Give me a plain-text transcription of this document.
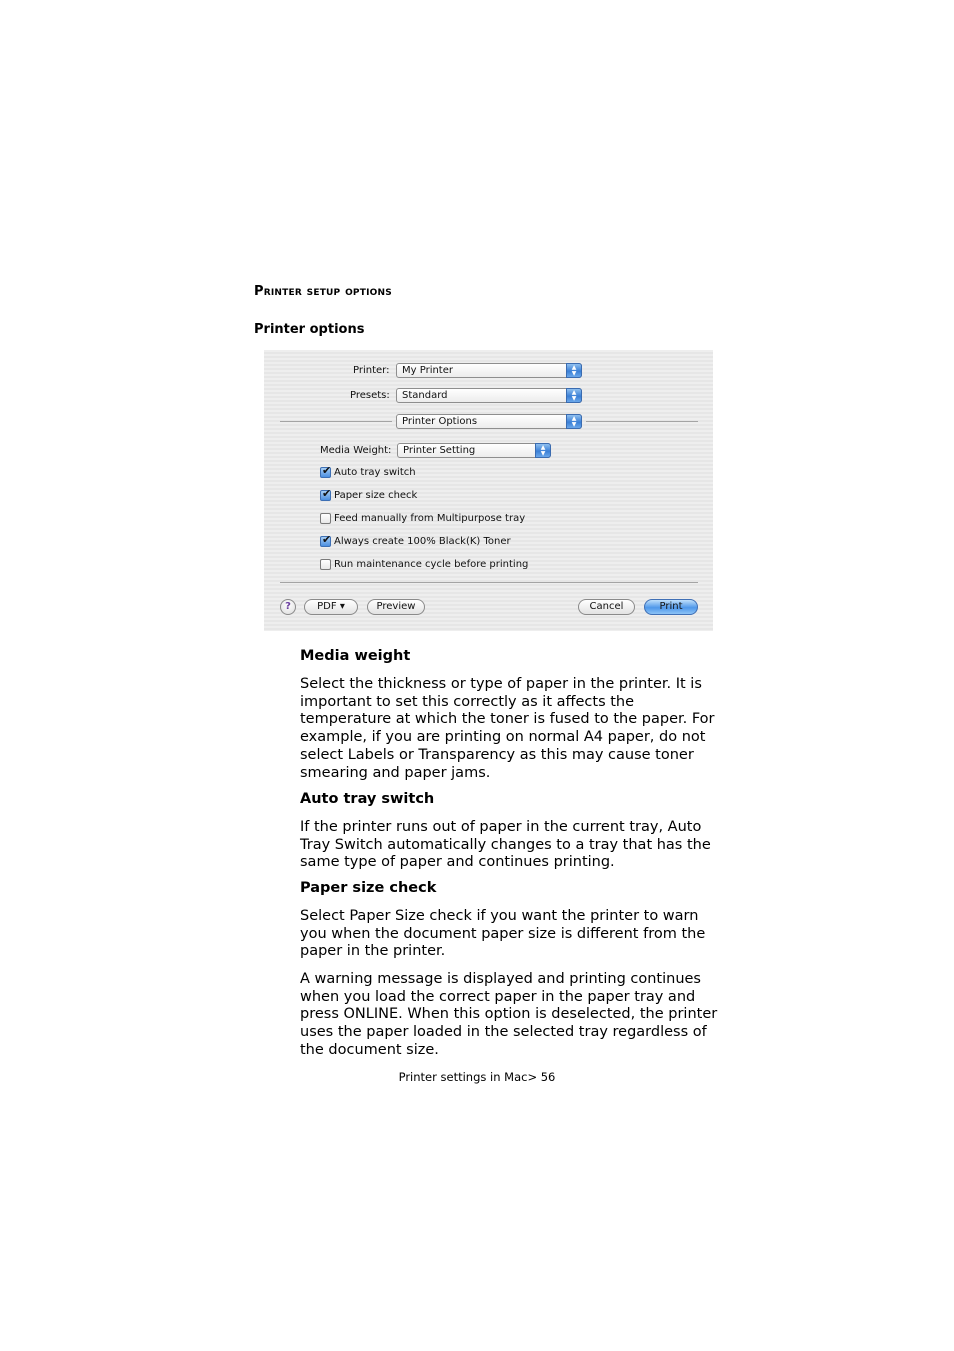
Printer setup options
Printer options
Printer:	My Printer	▲
▼
Presets:	Standard	▲
▼
Printer Options	▲
▼
Media Weight:	Printer Setting	▲
▼
✔ Auto tray switch
✔ Paper size check
Feed manually from Multipurpose tray
✔ Always create 100% Black(K) Toner
Run maintenance cycle before printing
?	PDF ▾	Preview	Cancel	Print

Media weight

Select the thickness or type of paper in the printer. It is important to set this correctly as it affects the temperature at which the toner is fused to the paper. For example, if you are printing on normal A4 paper, do not select Labels or Transparency as this may cause toner smearing and paper jams.

Auto tray switch

If the printer runs out of paper in the current tray, Auto Tray Switch automatically changes to a tray that has the same type of paper and continues printing.

Paper size check

Select Paper Size check if you want the printer to warn you when the document paper size is different from the paper in the printer.

A warning message is displayed and printing continues when you load the correct paper in the paper tray and press ONLINE. When this option is deselected, the printer uses the paper loaded in the selected tray regardless of the document size.

Printer settings in Mac> 56
